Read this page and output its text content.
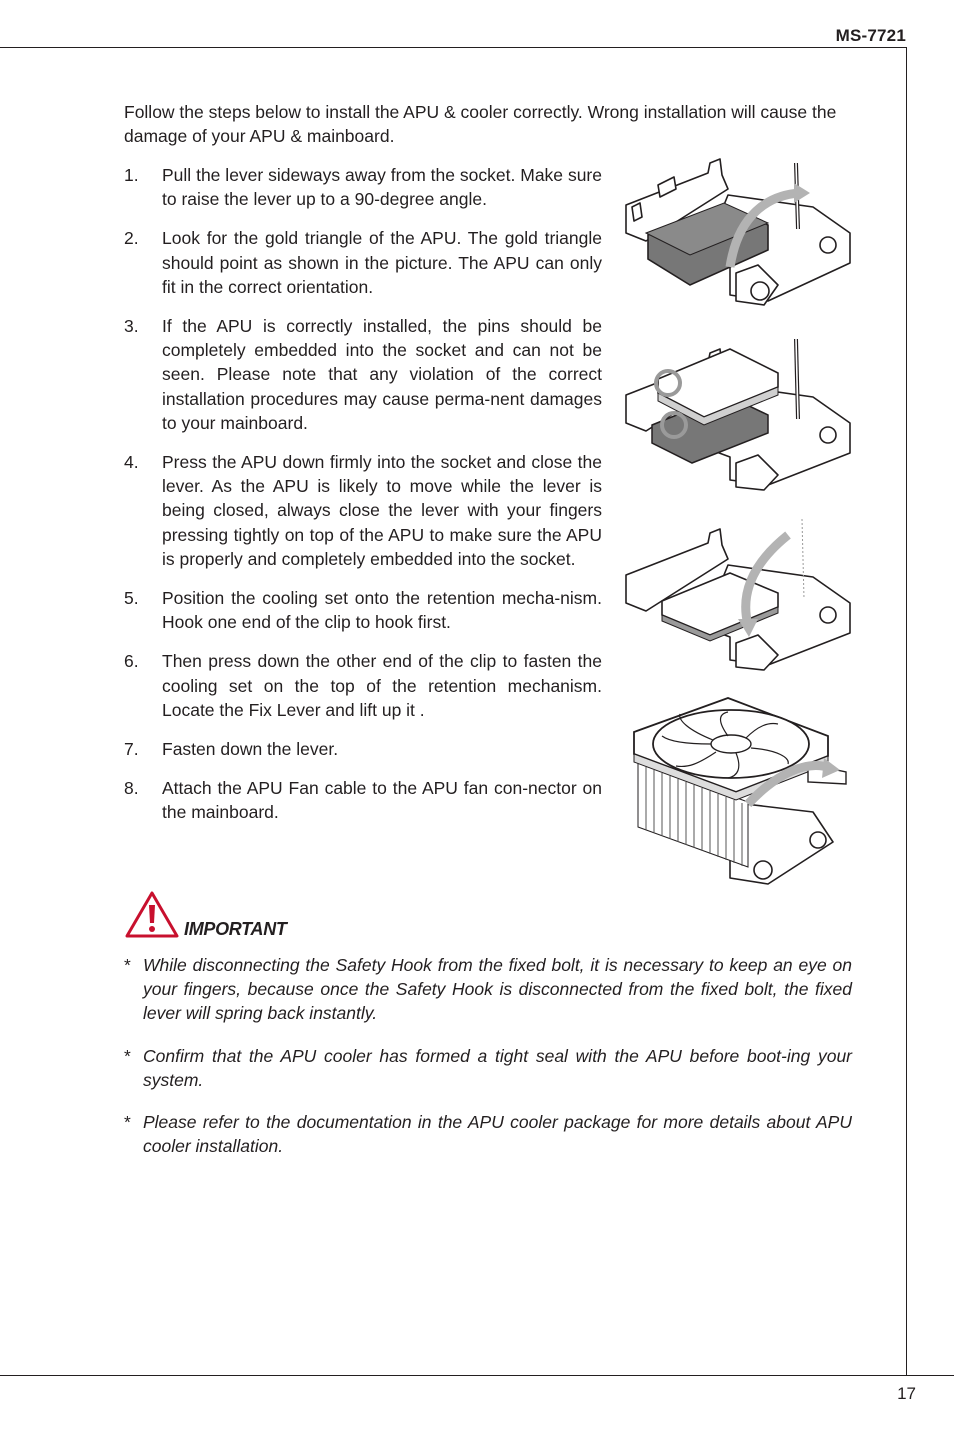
MS-7721

Follow the steps below to install the APU & cooler correctly. Wrong installation will cause the damage of your APU & mainboard.

1.	Pull the lever sideways away from the socket. Make sure to raise the lever up to a 90-degree angle.
2.	Look for the gold triangle of the APU. The gold triangle should point as shown in the picture. The APU can only fit in the correct orientation.
3.	If the APU is correctly installed, the pins should be completely embedded into the socket and can not be seen. Please note that any violation of the correct installation procedures may cause perma-nent damages to your mainboard.
4.	Press the APU down firmly into the socket and close the lever. As the APU is likely to move while the lever is being closed, always close the lever with your fingers pressing tightly on top of the APU to make sure the APU is properly and completely embedded into the socket.
5.	Position the cooling set onto the retention mecha-nism. Hook one end of the clip to hook first.
6.	Then press down the other end of the clip to fasten the cooling set on the top of the retention mechanism. Locate the Fix Lever and lift up it .
7.	Fasten down the lever.
8.	Attach the APU Fan cable to the APU fan con-nector on the mainboard.
IMPORTANT
* While disconnecting the Safety Hook from the fixed bolt, it is necessary to keep an eye on your fingers, because once the Safety Hook is disconnected from the fixed bolt, the fixed lever will spring back instantly.
* Confirm that the APU cooler has formed a tight seal with the APU before boot-ing your system.
* Please refer to the documentation in the APU cooler package for more details about APU cooler installation.
17
